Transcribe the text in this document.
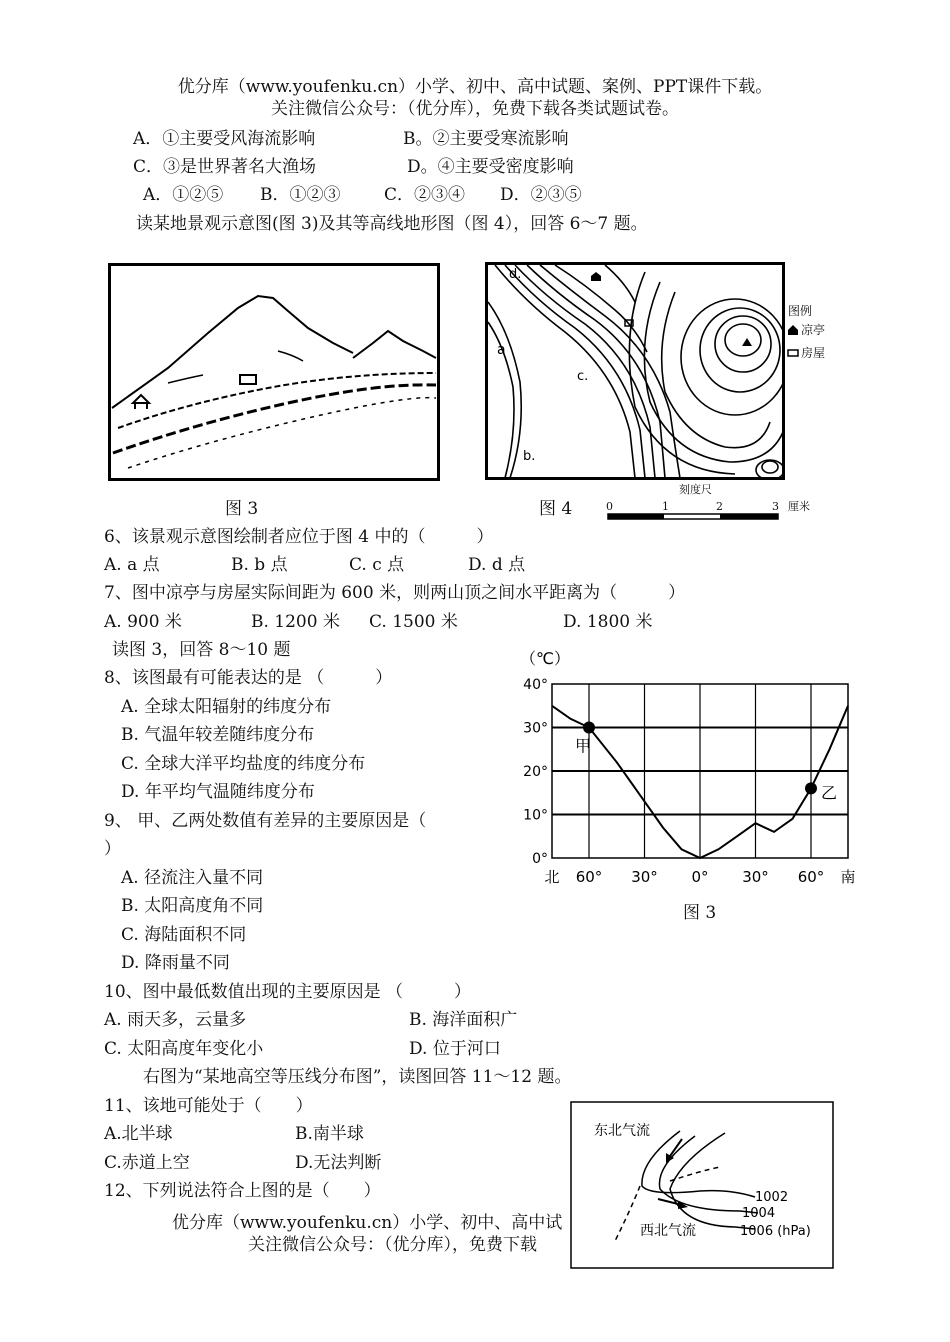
优分库（www.youfenku.cn）小学、初中、高中试题、案例、PPT课件下载。
关注微信公众号：（优分库），免费下载各类试题试卷。
A．①主要受风海流影响	B。②主要受寒流影响
C．③是世界著名大渔场	D。④主要受密度影响
A．①②⑤ B．①②③	C．②③④ D．②③⑤
读某地景观示意图(图 3)及其等高线地形图（图 4），回答 6～7 题。
图 3
d.
a
c.
b.
图例
凉亭
房屋
图 4
刻度尺
0	1	2	3 厘米
6、该景观示意图绘制者应位于图 4 中的（　　　）
A. a 点	B. b 点	C. c 点	D. d 点
7、图中凉亭与房屋实际间距为 600 米，则两山顶之间水平距离为（　　　）
A. 900 米	B. 1200 米 C. 1500 米	D. 1800 米
读图 3，回答 8～10 题
8、该图最有可能表达的是 （　　　）
A. 全球太阳辐射的纬度分布
B. 气温年较差随纬度分布
C. 全球大洋平均盐度的纬度分布
D. 年平均气温随纬度分布
9、 甲、乙两处数值有差异的主要原因是（
）
A. 径流注入量不同
B. 太阳高度角不同
C. 海陆面积不同
D. 降雨量不同
10、图中最低数值出现的主要原因是 （　　　）
A. 雨天多，云量多	B. 海洋面积广
C. 太阳高度年变化小	D. 位于河口
右图为“某地高空等压线分布图”，读图回答 11～12 题。
11、该地可能处于（　　）
A.北半球	B.南半球
C.赤道上空	D.无法判断
12、下列说法符合上图的是（　　）
优分库（www.youfenku.cn）小学、初中、高中试
关注微信公众号：（优分库），免费下载
（℃）
40°
30°
20°
10°
0°
北 60° 30° 0° 30° 60° 南
甲
乙
图 3
东北气流
西北气流
1002
1004
1006 (hPa)
